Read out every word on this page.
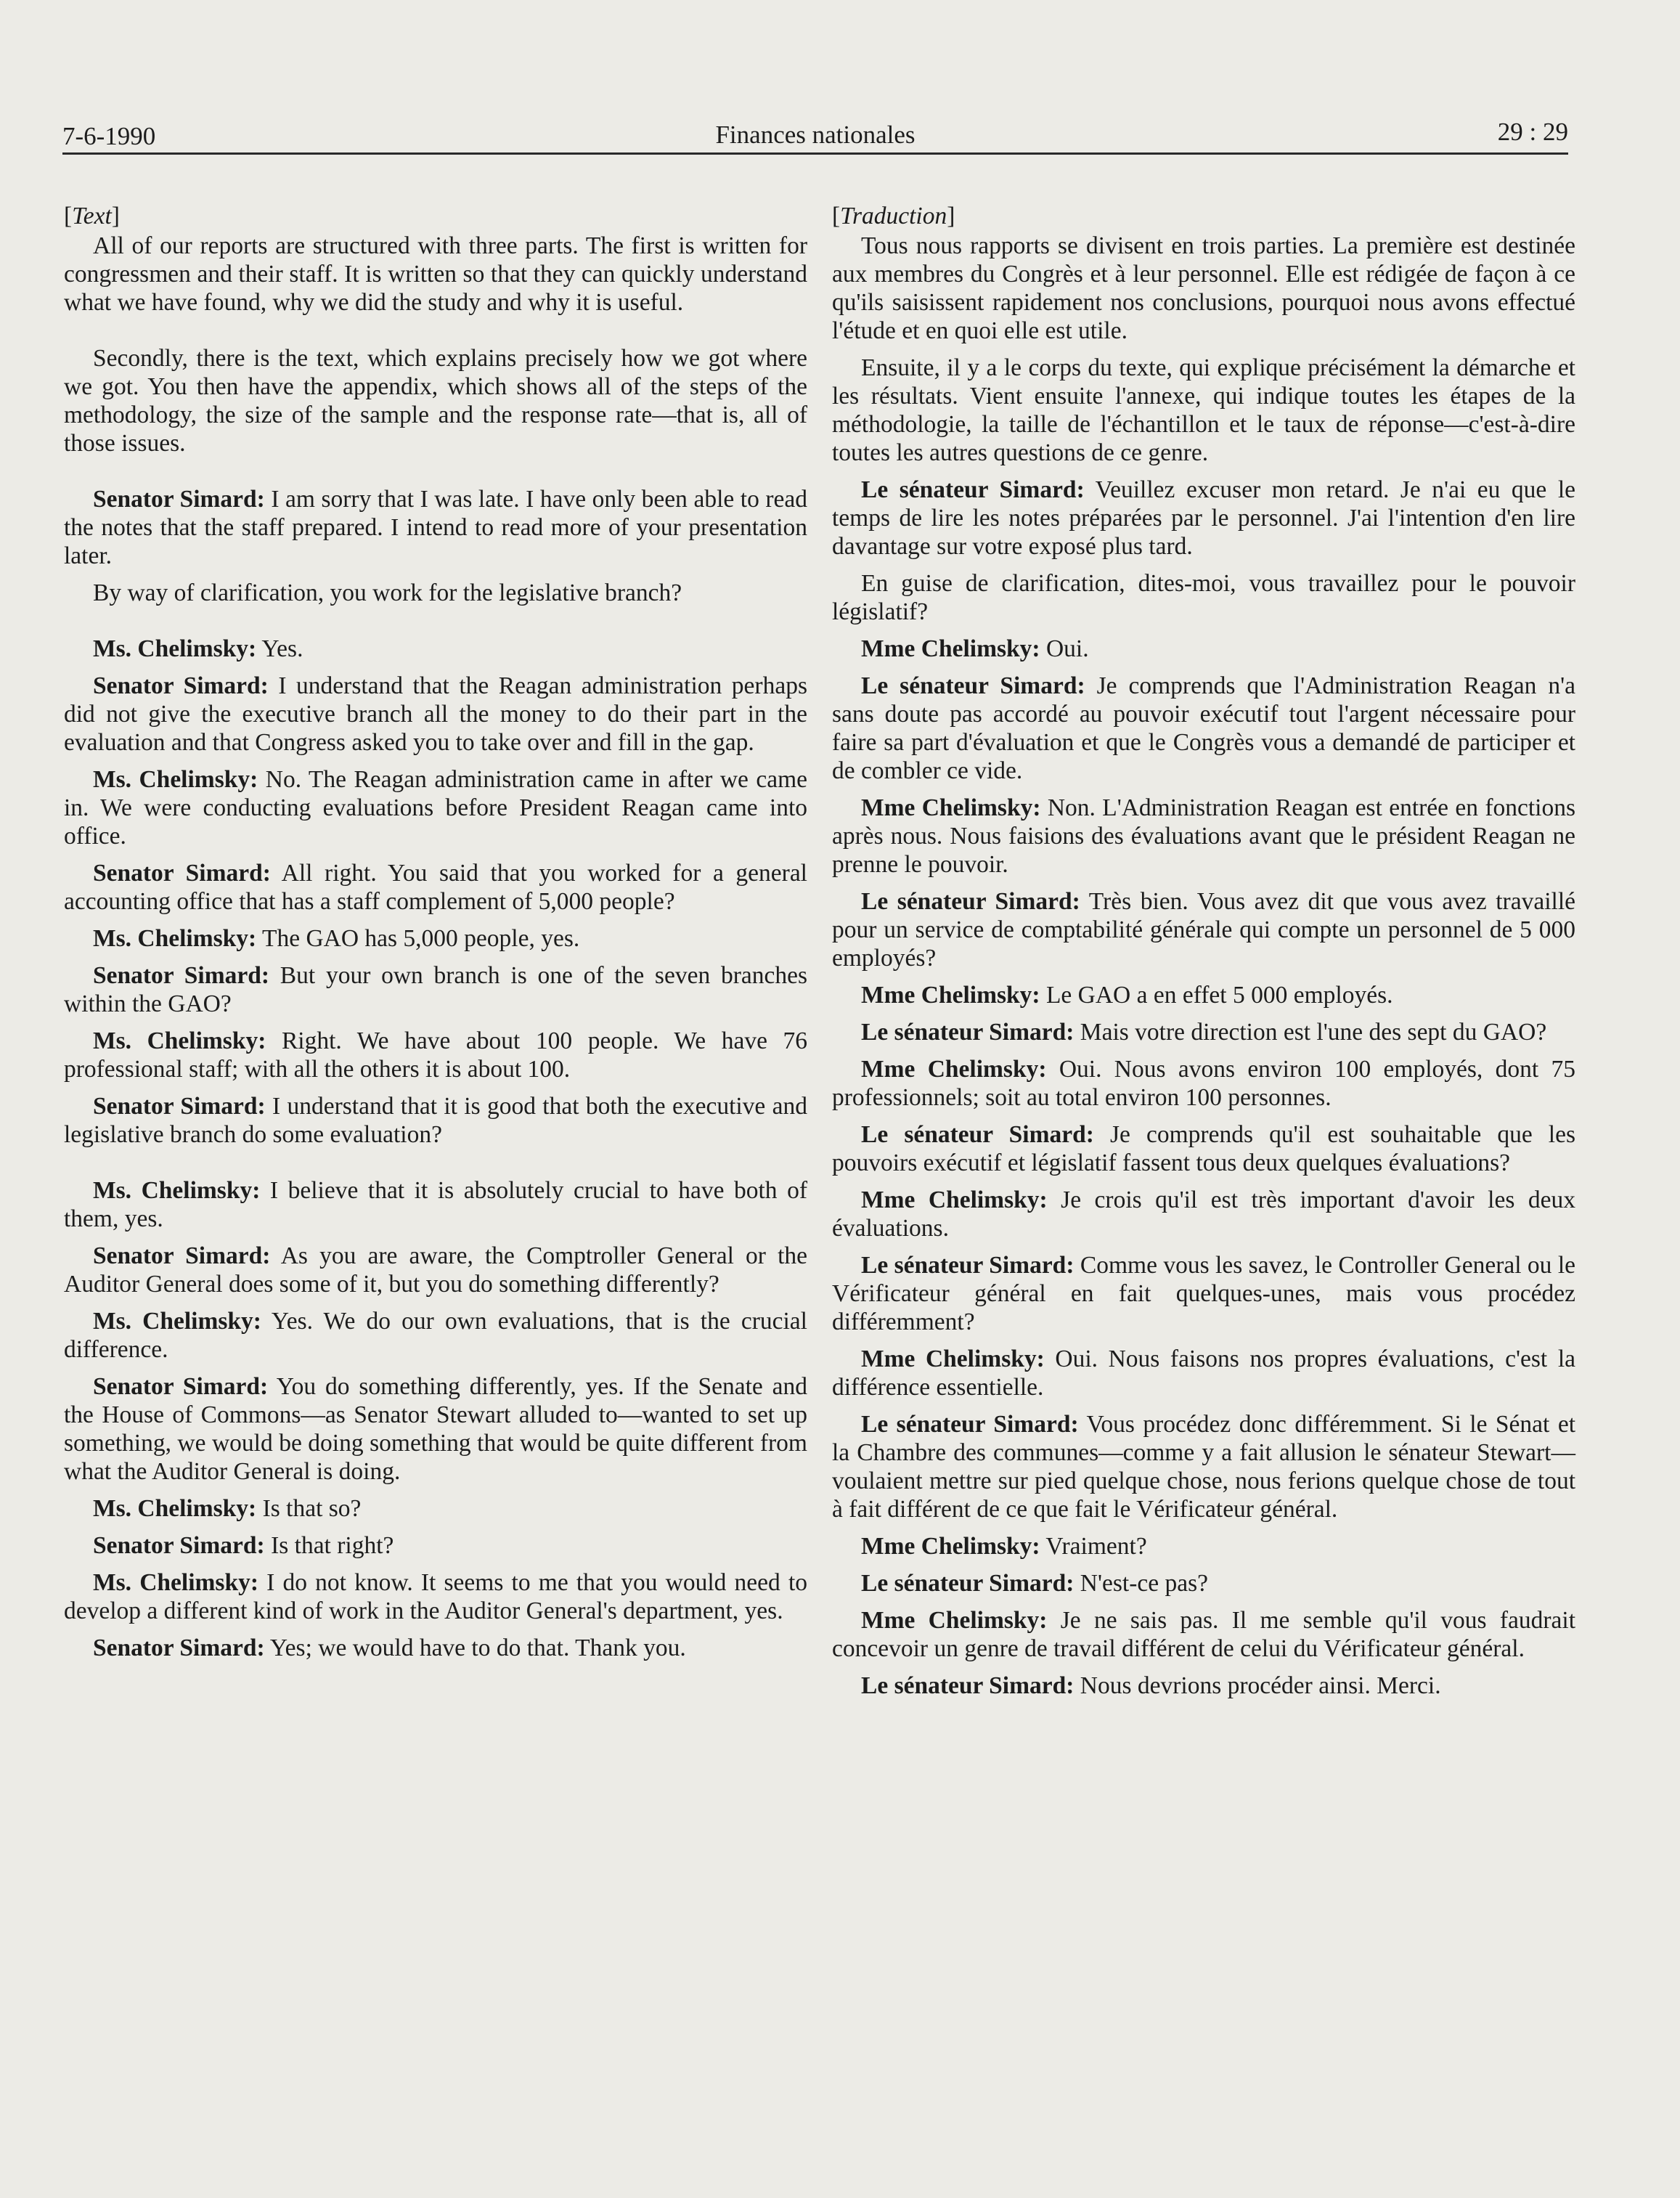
7-6-1990	Finances nationales	29 : 29
[Text]

All of our reports are structured with three parts. The first is written for congressmen and their staff. It is written so that they can quickly understand what we have found, why we did the study and why it is useful.

Secondly, there is the text, which explains precisely how we got where we got. You then have the appendix, which shows all of the steps of the methodology, the size of the sample and the response rate—that is, all of those issues.

Senator Simard: I am sorry that I was late. I have only been able to read the notes that the staff prepared. I intend to read more of your presentation later.

By way of clarification, you work for the legislative branch?

Ms. Chelimsky: Yes.

Senator Simard: I understand that the Reagan administration perhaps did not give the executive branch all the money to do their part in the evaluation and that Congress asked you to take over and fill in the gap.

Ms. Chelimsky: No. The Reagan administration came in after we came in. We were conducting evaluations before President Reagan came into office.

Senator Simard: All right. You said that you worked for a general accounting office that has a staff complement of 5,000 people?

Ms. Chelimsky: The GAO has 5,000 people, yes.

Senator Simard: But your own branch is one of the seven branches within the GAO?

Ms. Chelimsky: Right. We have about 100 people. We have 76 professional staff; with all the others it is about 100.

Senator Simard: I understand that it is good that both the executive and legislative branch do some evaluation?

Ms. Chelimsky: I believe that it is absolutely crucial to have both of them, yes.

Senator Simard: As you are aware, the Comptroller General or the Auditor General does some of it, but you do something differently?

Ms. Chelimsky: Yes. We do our own evaluations, that is the crucial difference.

Senator Simard: You do something differently, yes. If the Senate and the House of Commons—as Senator Stewart alluded to—wanted to set up something, we would be doing something that would be quite different from what the Auditor General is doing.

Ms. Chelimsky: Is that so?

Senator Simard: Is that right?

Ms. Chelimsky: I do not know. It seems to me that you would need to develop a different kind of work in the Auditor General's department, yes.

Senator Simard: Yes; we would have to do that. Thank you.

[Traduction]

Tous nous rapports se divisent en trois parties. La première est destinée aux membres du Congrès et à leur personnel. Elle est rédigée de façon à ce qu'ils saisissent rapidement nos conclusions, pourquoi nous avons effectué l'étude et en quoi elle est utile.

Ensuite, il y a le corps du texte, qui explique précisément la démarche et les résultats. Vient ensuite l'annexe, qui indique toutes les étapes de la méthodologie, la taille de l'échantillon et le taux de réponse—c'est-à-dire toutes les autres questions de ce genre.

Le sénateur Simard: Veuillez excuser mon retard. Je n'ai eu que le temps de lire les notes préparées par le personnel. J'ai l'intention d'en lire davantage sur votre exposé plus tard.

En guise de clarification, dites-moi, vous travaillez pour le pouvoir législatif?

Mme Chelimsky: Oui.

Le sénateur Simard: Je comprends que l'Administration Reagan n'a sans doute pas accordé au pouvoir exécutif tout l'argent nécessaire pour faire sa part d'évaluation et que le Congrès vous a demandé de participer et de combler ce vide.

Mme Chelimsky: Non. L'Administration Reagan est entrée en fonctions après nous. Nous faisions des évaluations avant que le président Reagan ne prenne le pouvoir.

Le sénateur Simard: Très bien. Vous avez dit que vous avez travaillé pour un service de comptabilité générale qui compte un personnel de 5 000 employés?

Mme Chelimsky: Le GAO a en effet 5 000 employés.

Le sénateur Simard: Mais votre direction est l'une des sept du GAO?

Mme Chelimsky: Oui. Nous avons environ 100 employés, dont 75 professionnels; soit au total environ 100 personnes.

Le sénateur Simard: Je comprends qu'il est souhaitable que les pouvoirs exécutif et législatif fassent tous deux quelques évaluations?

Mme Chelimsky: Je crois qu'il est très important d'avoir les deux évaluations.

Le sénateur Simard: Comme vous les savez, le Controller General ou le Vérificateur général en fait quelques-unes, mais vous procédez différemment?

Mme Chelimsky: Oui. Nous faisons nos propres évaluations, c'est la différence essentielle.

Le sénateur Simard: Vous procédez donc différemment. Si le Sénat et la Chambre des communes—comme y a fait allusion le sénateur Stewart—voulaient mettre sur pied quelque chose, nous ferions quelque chose de tout à fait différent de ce que fait le Vérificateur général.

Mme Chelimsky: Vraiment?

Le sénateur Simard: N'est-ce pas?

Mme Chelimsky: Je ne sais pas. Il me semble qu'il vous faudrait concevoir un genre de travail différent de celui du Vérificateur général.

Le sénateur Simard: Nous devrions procéder ainsi. Merci.
